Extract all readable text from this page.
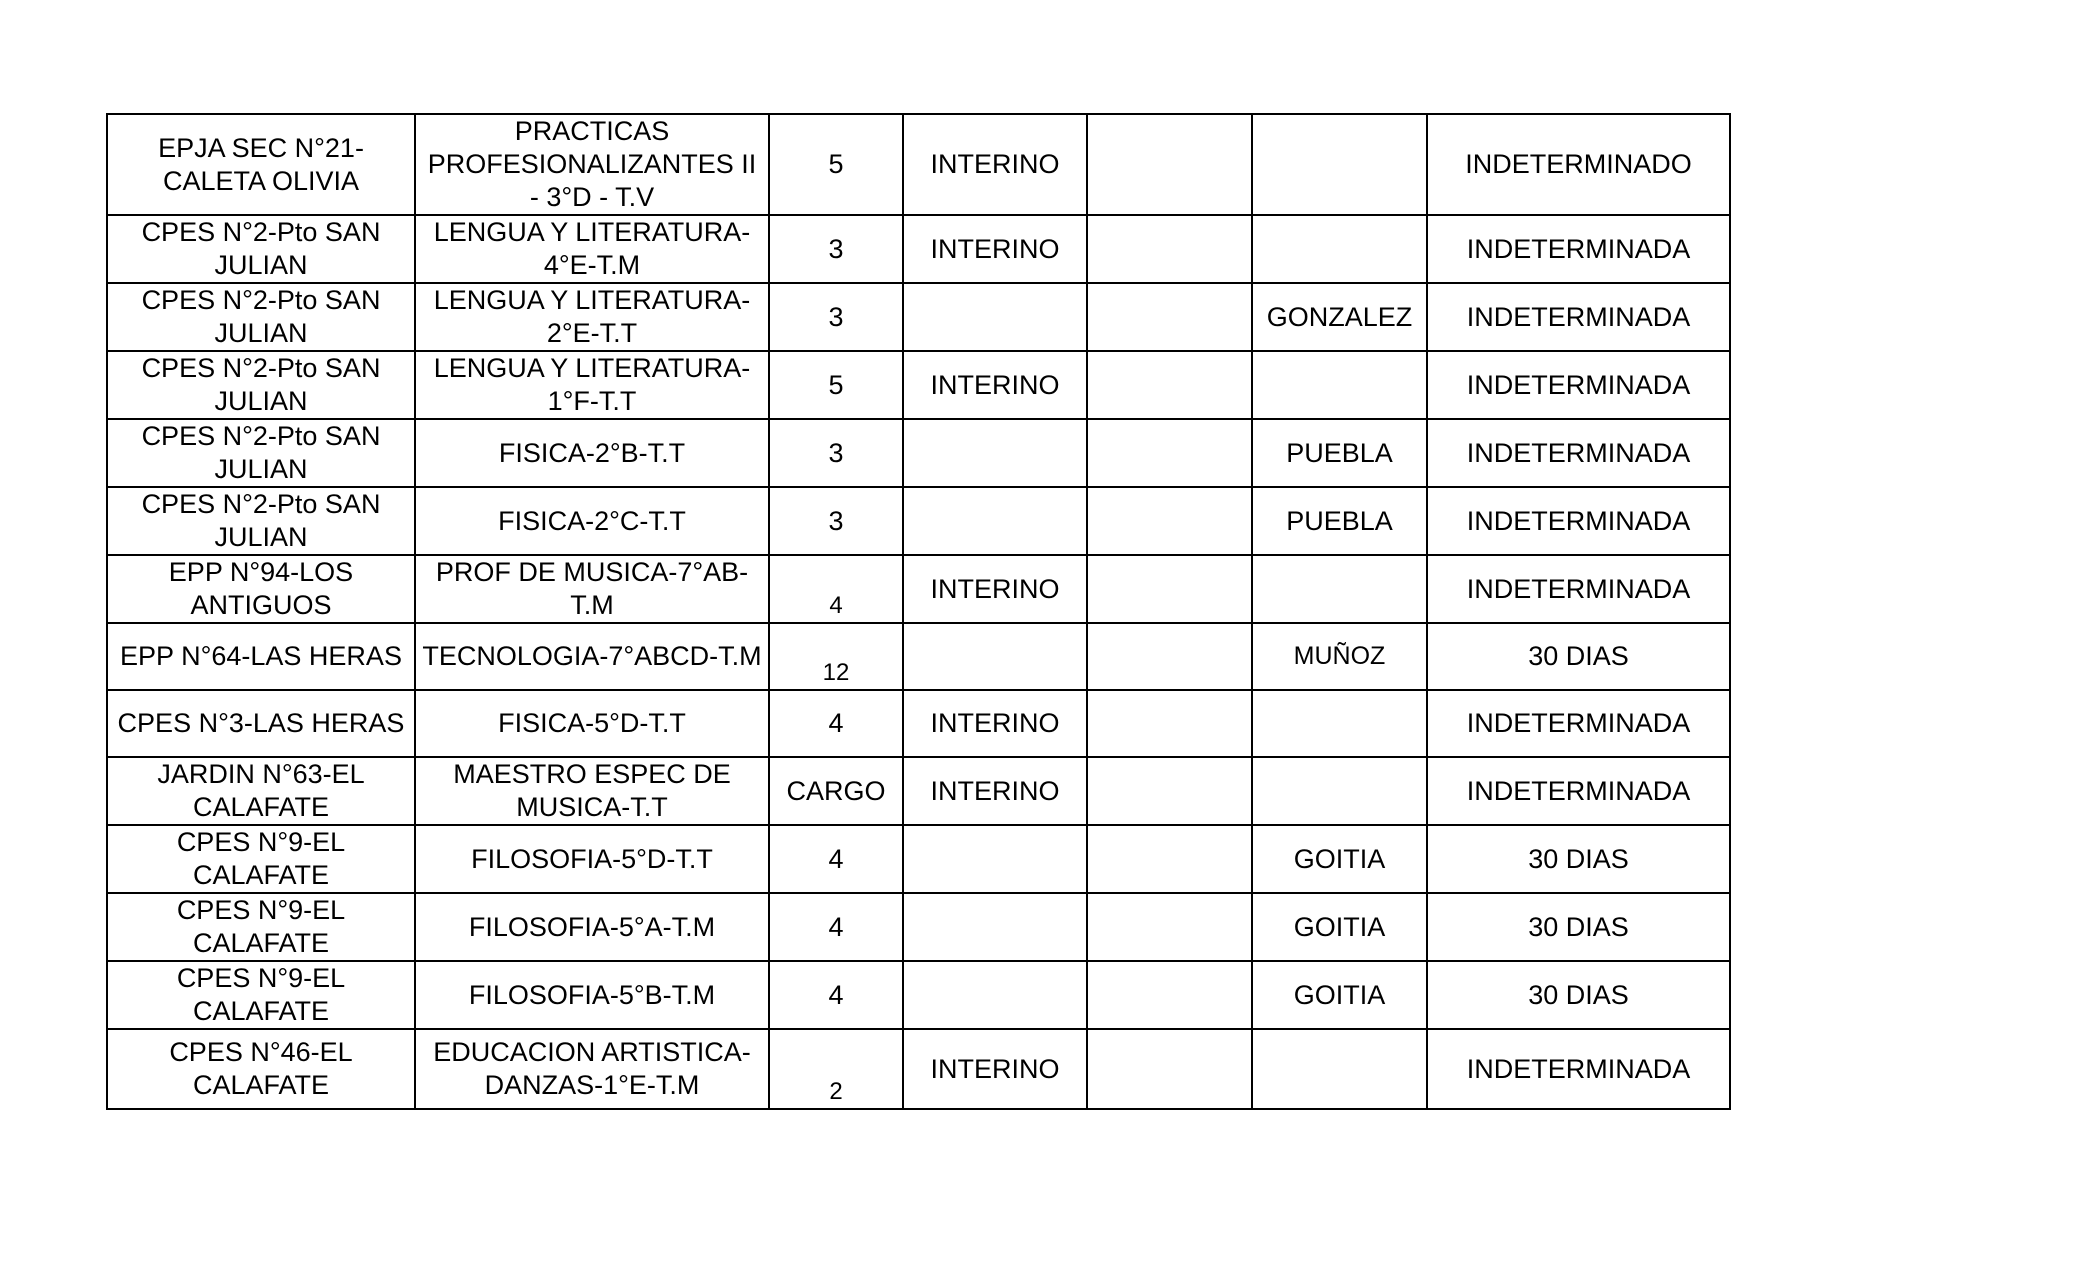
EPJA SEC N°21-CALETA OLIVIA	PRACTICAS PROFESIONALIZANTES II - 3°D - T.V	5	INTERINO			INDETERMINADO
CPES N°2-Pto SAN JULIAN	LENGUA Y LITERATURA-4°E-T.M	3	INTERINO			INDETERMINADA
CPES N°2-Pto SAN JULIAN	LENGUA Y LITERATURA-2°E-T.T	3			GONZALEZ	INDETERMINADA
CPES N°2-Pto SAN JULIAN	LENGUA Y LITERATURA-1°F-T.T	5	INTERINO			INDETERMINADA
CPES N°2-Pto SAN JULIAN	FISICA-2°B-T.T	3			PUEBLA	INDETERMINADA
CPES N°2-Pto SAN JULIAN	FISICA-2°C-T.T	3			PUEBLA	INDETERMINADA
EPP N°94-LOS ANTIGUOS	PROF DE MUSICA-7°AB-T.M	4	INTERINO			INDETERMINADA
EPP N°64-LAS HERAS	TECNOLOGIA-7°ABCD-T.M	12			MUÑOZ	30 DIAS
CPES N°3-LAS HERAS	FISICA-5°D-T.T	4	INTERINO			INDETERMINADA
JARDIN N°63-EL CALAFATE	MAESTRO ESPEC DE MUSICA-T.T	CARGO	INTERINO			INDETERMINADA
CPES N°9-EL CALAFATE	FILOSOFIA-5°D-T.T	4			GOITIA	30 DIAS
CPES N°9-EL CALAFATE	FILOSOFIA-5°A-T.M	4			GOITIA	30 DIAS
CPES N°9-EL CALAFATE	FILOSOFIA-5°B-T.M	4			GOITIA	30 DIAS
CPES N°46-EL CALAFATE	EDUCACION ARTISTICA-DANZAS-1°E-T.M	2	INTERINO			INDETERMINADA
